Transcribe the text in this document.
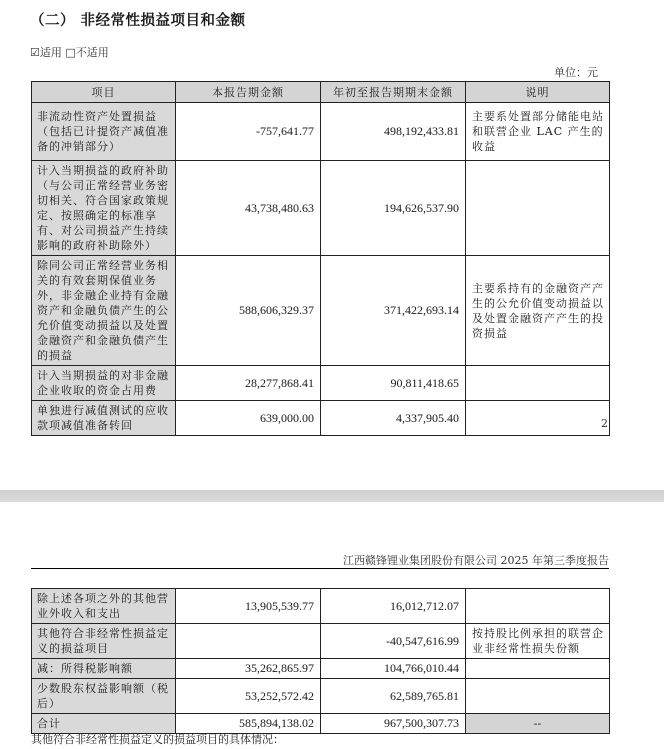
（二） 非经常性损益项目和金额
☑适用 □不适用
单位：元
项目	本报告期金额	年初至报告期期末金额	说明
非流动性资产处置损益（包括已计提资产减值准备的冲销部分）	-757,641.77	498,192,433.81	主要系处置部分储能电站和联营企业 LAC 产生的收益
计入当期损益的政府补助（与公司正常经营业务密切相关、符合国家政策规定、按照确定的标准享有、对公司损益产生持续影响的政府补助除外）	43,738,480.63	194,626,537.90	
除同公司正常经营业务相关的有效套期保值业务外，非金融企业持有金融资产和金融负债产生的公允价值变动损益以及处置金融资产和金融负债产生的损益	588,606,329.37	371,422,693.14	主要系持有的金融资产产生的公允价值变动损益以及处置金融资产产生的投资损益
计入当期损益的对非金融企业收取的资金占用费	28,277,868.41	90,811,418.65	
单独进行减值测试的应收款项减值准备转回	639,000.00	4,337,905.40		2
江西赣锋锂业集团股份有限公司 2025 年第三季度报告
除上述各项之外的其他营业外收入和支出	13,905,539.77	16,012,712.07	
其他符合非经常性损益定义的损益项目		-40,547,616.99	按持股比例承担的联营企业非经常性损失份额
减：所得税影响额	35,262,865.97	104,766,010.44	
少数股东权益影响额（税后）	53,252,572.42	62,589,765.81	
合计	585,894,138.02	967,500,307.73	--
其他符合非经常性损益定义的损益项目的具体情况：
